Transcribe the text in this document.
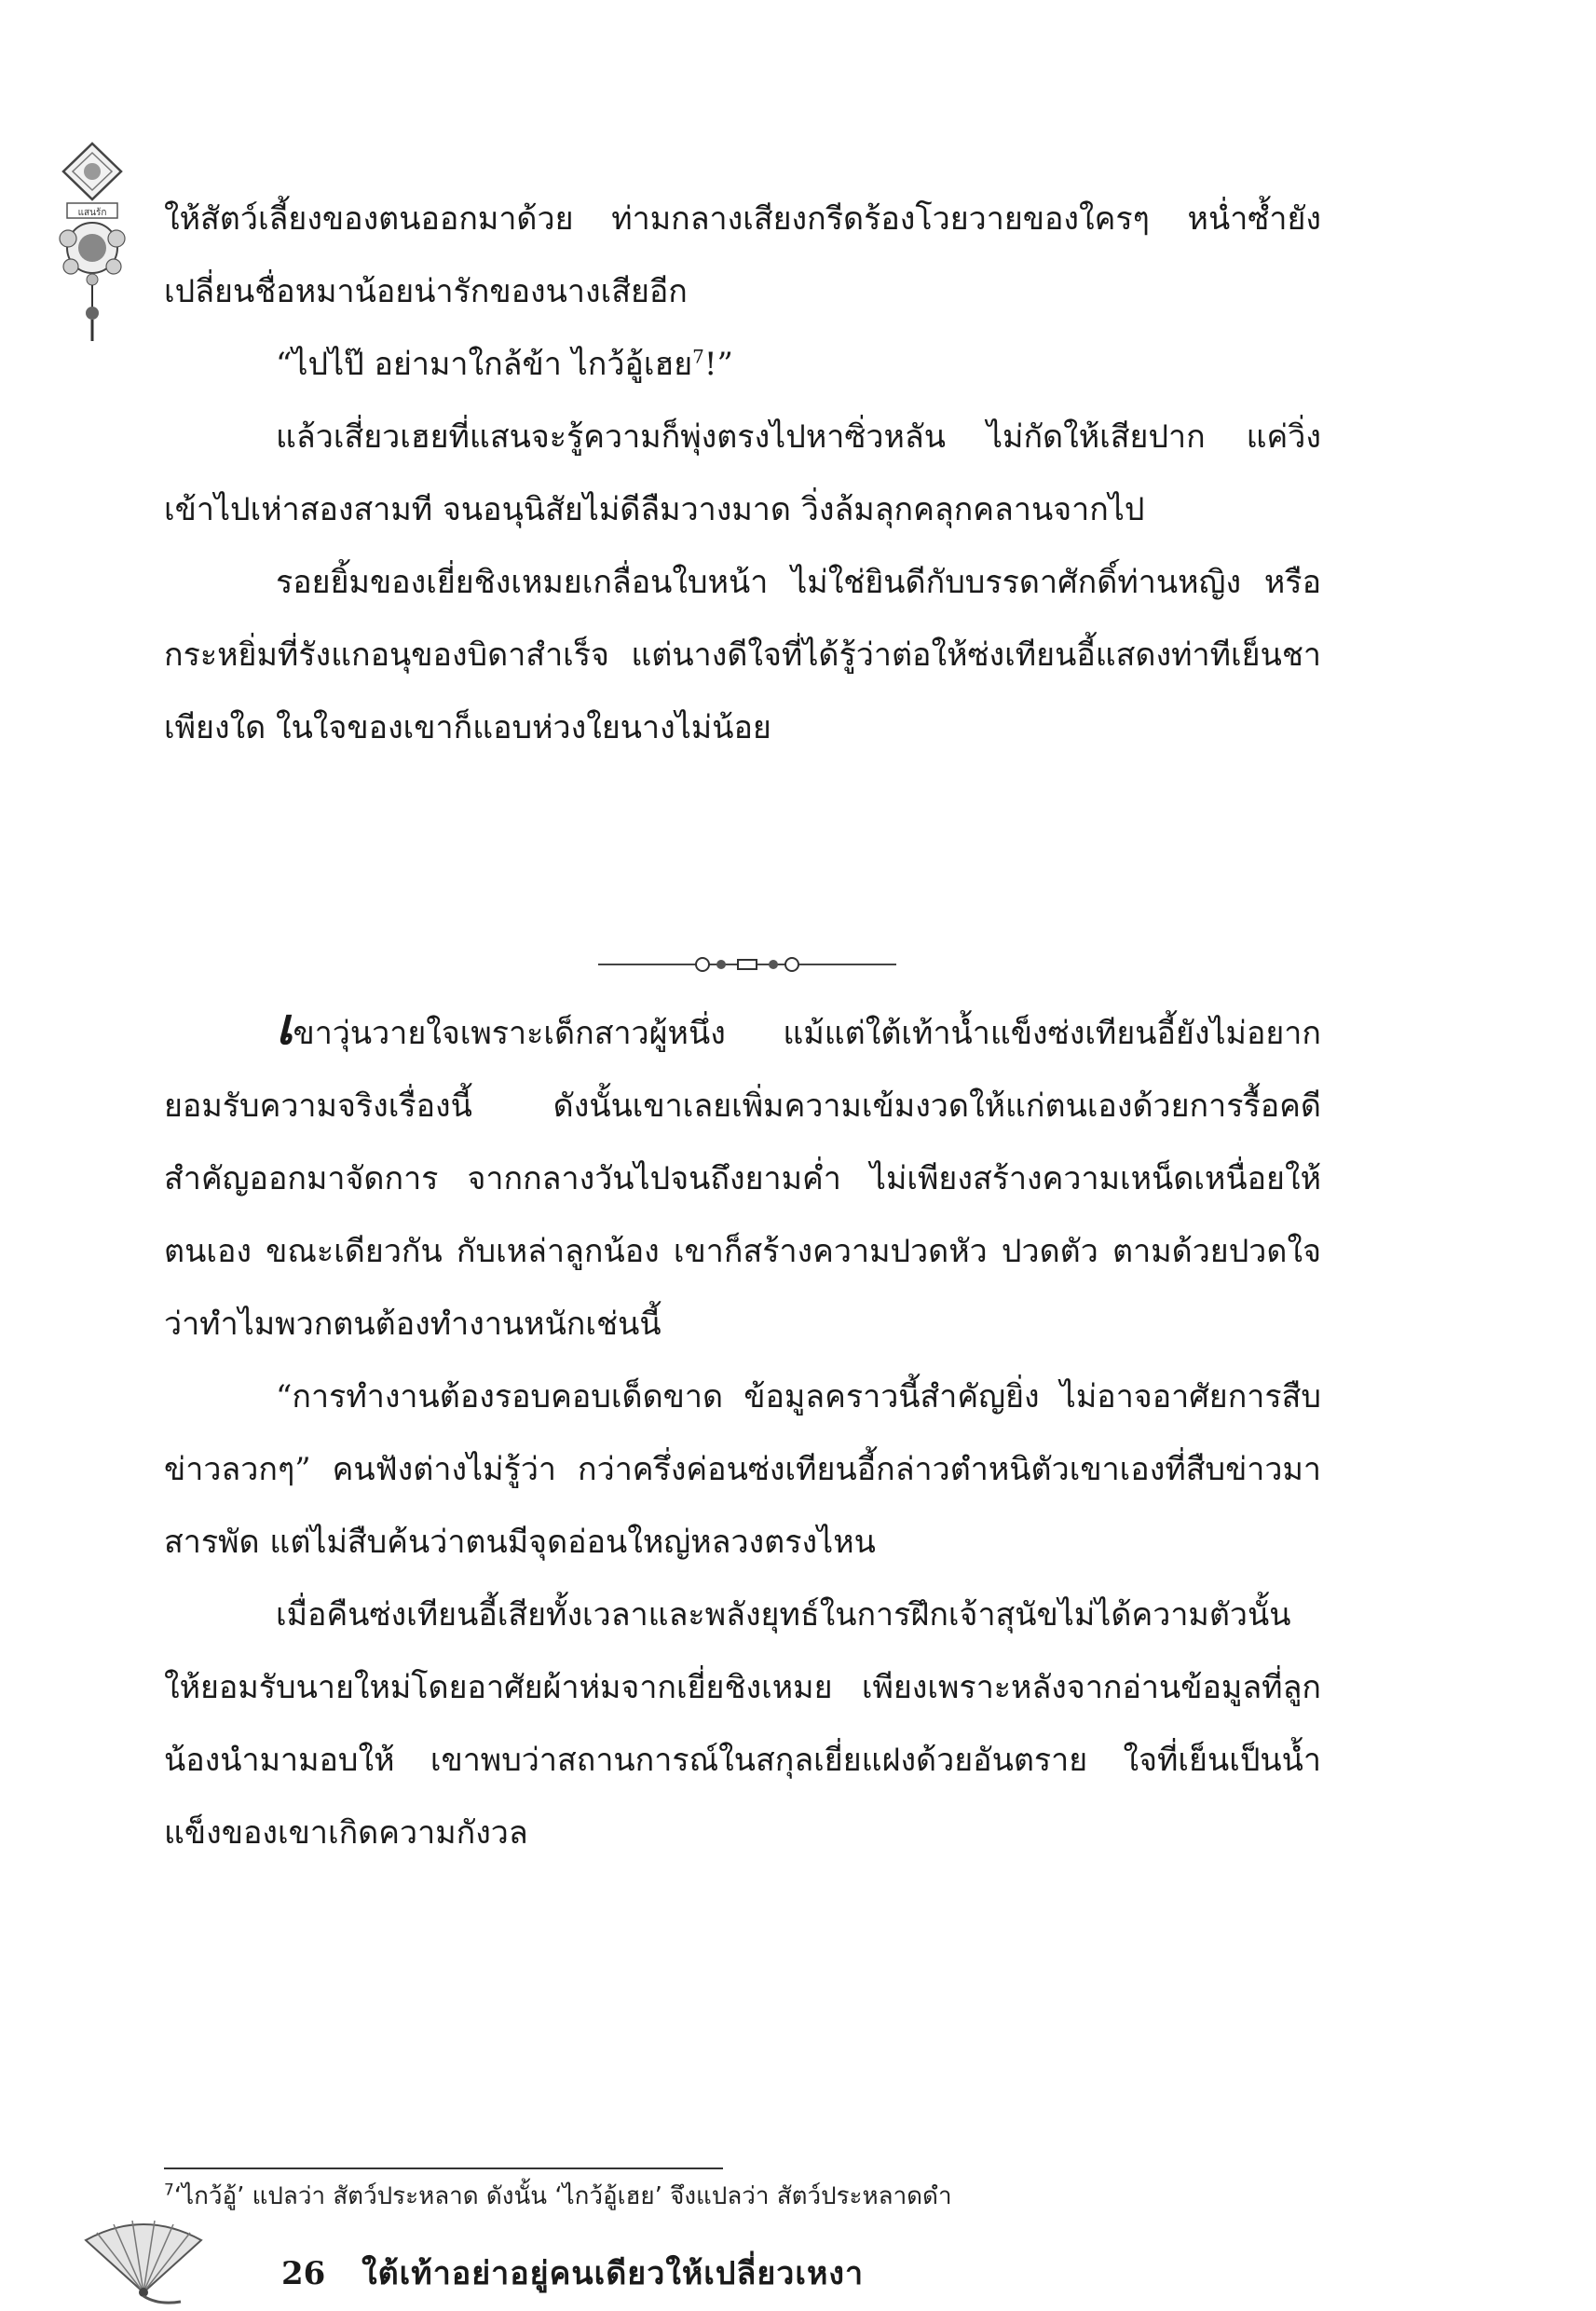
แสนร้ก ให้สัตว์เลี้ยงของตนออกมาด้วย ท่ามกลางเสียงกรีดร้องโวยวายของใครๆ หน่ำซ้ำยังเปลี่ยนชื่อหมาน้อยน่ารักของนางเสียอีก

“ไปไป๊ อย่ามาใกล้ข้า ไกว้อู้เฮย$^7$!”

แล้วเสี่ยวเฮยที่แสนจะรู้ความก็พุ่งตรงไปหาซิ่วหลัน ไม่กัดให้เสียปาก แค่วิ่งเข้าไปเห่าสองสามที จนอนุนิสัยไม่ดีลืมวางมาด วิ่งล้มลุกคลุกคลานจากไป

รอยยิ้มของเยี่ยชิงเหมยเกลื่อนใบหน้า ไม่ใช่ยินดีกับบรรดาศักดิ์ท่านหญิง หรือกระหยิ่มที่รังแกอนุของบิดาสำเร็จ แต่นางดีใจที่ได้รู้ว่าต่อให้ซ่งเทียนอี้แสดงท่าทีเย็นชาเพียงใด ในใจของเขาก็แอบห่วงใยนางไม่น้อย

เขาวุ่นวายใจเพราะเด็กสาวผู้หนึ่ง แม้แต่ใต้เท้าน้ำแข็งซ่งเทียนอี้ยังไม่อยากยอมรับความจริงเรื่องนี้ ดังนั้นเขาเลยเพิ่มความเข้มงวดให้แก่ตนเองด้วยการรื้อคดีสำคัญออกมาจัดการ จากกลางวันไปจนถึงยามค่ำ ไม่เพียงสร้างความเหน็ดเหนื่อยให้ตนเอง ขณะเดียวกัน กับเหล่าลูกน้อง เขาก็สร้างความปวดหัว ปวดตัว ตามด้วยปวดใจว่าทำไมพวกตนต้องทำงานหนักเช่นนี้

“การทำงานต้องรอบคอบเด็ดขาด ข้อมูลคราวนี้สำคัญยิ่ง ไม่อาจอาศัยการสืบข่าวลวกๆ” คนฟังต่างไม่รู้ว่า กว่าครึ่งค่อนซ่งเทียนอี้กล่าวตำหนิตัวเขาเองที่สืบข่าวมาสารพัด แต่ไม่สืบค้นว่าตนมีจุดอ่อนใหญ่หลวงตรงไหน

เมื่อคืนซ่งเทียนอี้เสียทั้งเวลาและพลังยุทธ์ในการฝึกเจ้าสุนัขไม่ได้ความตัวนั้นให้ยอมรับนายใหม่โดยอาศัยผ้าห่มจากเยี่ยชิงเหมย เพียงเพราะหลังจากอ่านข้อมูลที่ลูกน้องนำมามอบให้ เขาพบว่าสถานการณ์ในสกุลเยี่ยแฝงด้วยอันตราย ใจที่เย็นเป็นน้ำแข็งของเขาเกิดความกังวล

$^7$‘ไกว้อู้’ แปลว่า สัตว์ประหลาด ดังนั้น ‘ไกว้อู้เฮย’ จึงแปลว่า สัตว์ประหลาดดำ
26 ใต้เท้าอย่าอยู่คนเดียวให้เปลี่ยวเหงา
